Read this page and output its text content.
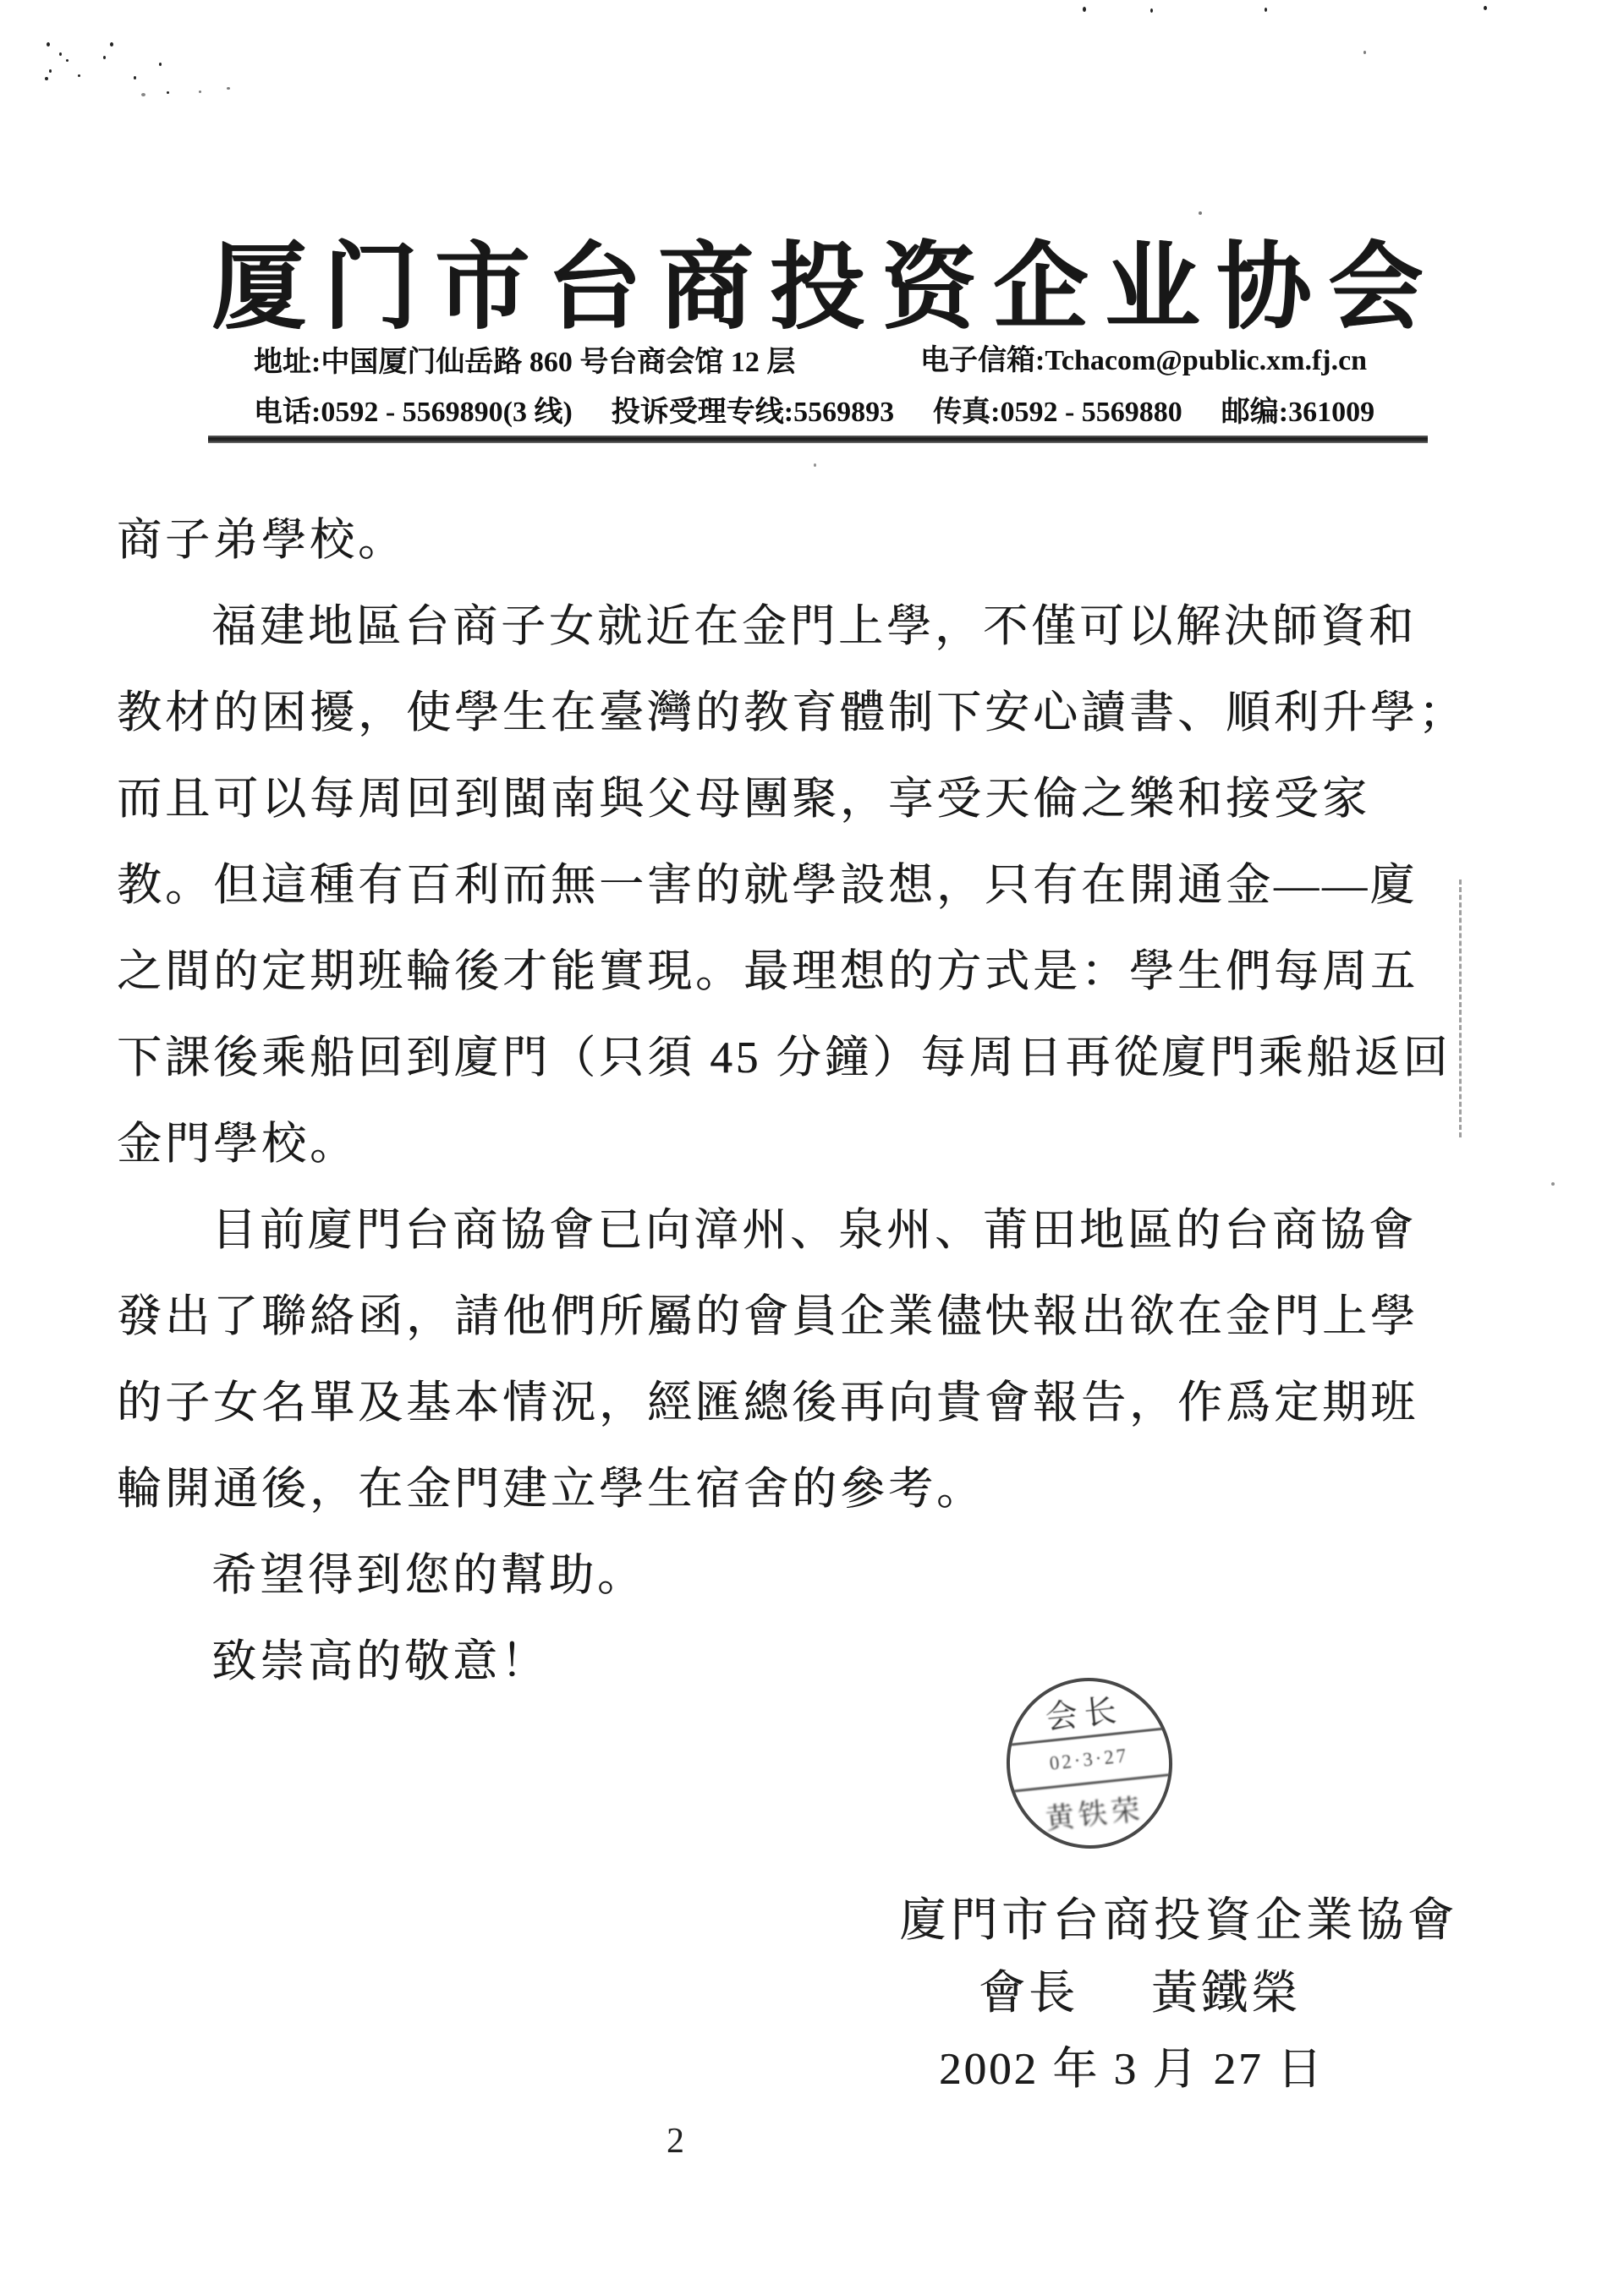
厦门市台商投资企业协会
地址:中国厦门仙岳路 860 号台商会馆 12 层	电子信箱:Tchacom@public.xm.fj.cn
电话:0592 - 5569890(3 线) 投诉受理专线:5569893 传真:0592 - 5569880 邮编:361009
商子弟學校。
福建地區台商子女就近在金門上學，不僅可以解決師資和
教材的困擾，使學生在臺灣的教育體制下安心讀書、順利升學；
而且可以每周回到閩南與父母團聚，享受天倫之樂和接受家
教。但這種有百利而無一害的就學設想，只有在開通金——廈
之間的定期班輪後才能實現。最理想的方式是：學生們每周五
下課後乘船回到廈門（只須 45 分鐘）每周日再從廈門乘船返回
金門學校。
目前廈門台商協會已向漳州、泉州、莆田地區的台商協會
發出了聯絡函，請他們所屬的會員企業儘快報出欲在金門上學
的子女名單及基本情況，經匯總後再向貴會報告，作爲定期班
輪開通後，在金門建立學生宿舍的參考。
希望得到您的幫助。
致崇高的敬意！
会长
02·3·27
黄铁荣
廈門市台商投資企業協會
會長 黃鐵榮
2002 年 3 月 27 日
2
